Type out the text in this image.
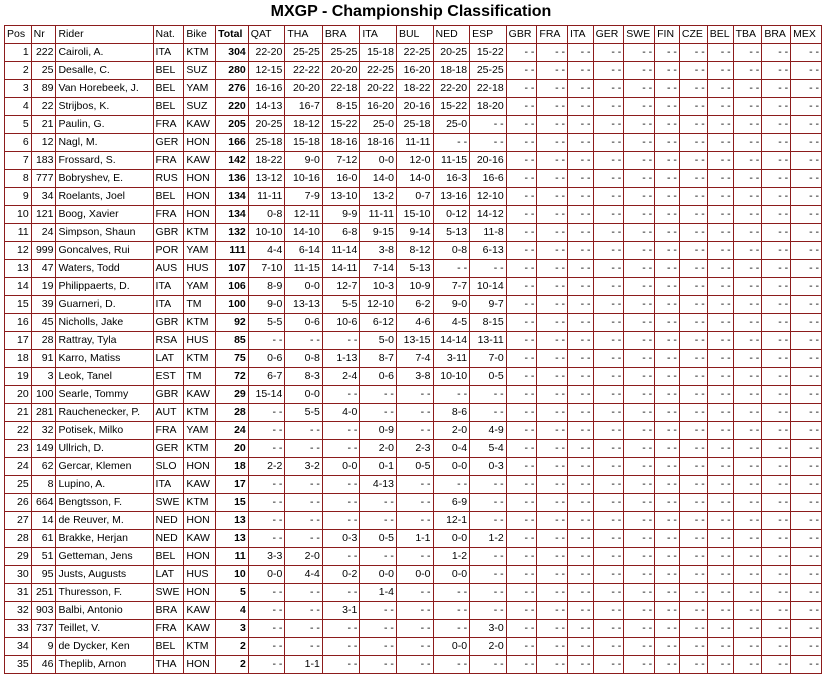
MXGP - Championship Classification
Pos	Nr	Rider	Nat.	Bike	Total	QAT	THA	BRA	ITA	BUL	NED	ESP	GBR	FRA	ITA	GER	SWE	FIN	CZE	BEL	TBA	BRA	MEX
1	222	Cairoli, A.	ITA	KTM	304	22-20	25-25	25-25	15-18	22-25	20-25	15-22	- -	- -	- -	- -	- -	- -	- -	- -	- -	- -	- -
2	25	Desalle, C.	BEL	SUZ	280	12-15	22-22	20-20	22-25	16-20	18-18	25-25	- -	- -	- -	- -	- -	- -	- -	- -	- -	- -	- -
3	89	Van Horebeek, J.	BEL	YAM	276	16-16	20-20	22-18	20-22	18-22	22-20	22-18	- -	- -	- -	- -	- -	- -	- -	- -	- -	- -	- -
4	22	Strijbos, K.	BEL	SUZ	220	14-13	16-7	8-15	16-20	20-16	15-22	18-20	- -	- -	- -	- -	- -	- -	- -	- -	- -	- -	- -
5	21	Paulin, G.	FRA	KAW	205	20-25	18-12	15-22	25-0	25-18	25-0	- -	- -	- -	- -	- -	- -	- -	- -	- -	- -	- -	- -
6	12	Nagl, M.	GER	HON	166	25-18	15-18	18-16	18-16	11-11	- -	- -	- -	- -	- -	- -	- -	- -	- -	- -	- -	- -	- -
7	183	Frossard, S.	FRA	KAW	142	18-22	9-0	7-12	0-0	12-0	11-15	20-16	- -	- -	- -	- -	- -	- -	- -	- -	- -	- -	- -
8	777	Bobryshev, E.	RUS	HON	136	13-12	10-16	16-0	14-0	14-0	16-3	16-6	- -	- -	- -	- -	- -	- -	- -	- -	- -	- -	- -
9	34	Roelants, Joel	BEL	HON	134	11-11	7-9	13-10	13-2	0-7	13-16	12-10	- -	- -	- -	- -	- -	- -	- -	- -	- -	- -	- -
10	121	Boog, Xavier	FRA	HON	134	0-8	12-11	9-9	11-11	15-10	0-12	14-12	- -	- -	- -	- -	- -	- -	- -	- -	- -	- -	- -
11	24	Simpson, Shaun	GBR	KTM	132	10-10	14-10	6-8	9-15	9-14	5-13	11-8	- -	- -	- -	- -	- -	- -	- -	- -	- -	- -	- -
12	999	Goncalves, Rui	POR	YAM	111	4-4	6-14	11-14	3-8	8-12	0-8	6-13	- -	- -	- -	- -	- -	- -	- -	- -	- -	- -	- -
13	47	Waters, Todd	AUS	HUS	107	7-10	11-15	14-11	7-14	5-13	- -	- -	- -	- -	- -	- -	- -	- -	- -	- -	- -	- -	- -
14	19	Philippaerts, D.	ITA	YAM	106	8-9	0-0	12-7	10-3	10-9	7-7	10-14	- -	- -	- -	- -	- -	- -	- -	- -	- -	- -	- -
15	39	Guarneri, D.	ITA	TM	100	9-0	13-13	5-5	12-10	6-2	9-0	9-7	- -	- -	- -	- -	- -	- -	- -	- -	- -	- -	- -
16	45	Nicholls, Jake	GBR	KTM	92	5-5	0-6	10-6	6-12	4-6	4-5	8-15	- -	- -	- -	- -	- -	- -	- -	- -	- -	- -	- -
17	28	Rattray, Tyla	RSA	HUS	85	- -	- -	- -	5-0	13-15	14-14	13-11	- -	- -	- -	- -	- -	- -	- -	- -	- -	- -	- -
18	91	Karro, Matiss	LAT	KTM	75	0-6	0-8	1-13	8-7	7-4	3-11	7-0	- -	- -	- -	- -	- -	- -	- -	- -	- -	- -	- -
19	3	Leok, Tanel	EST	TM	72	6-7	8-3	2-4	0-6	3-8	10-10	0-5	- -	- -	- -	- -	- -	- -	- -	- -	- -	- -	- -
20	100	Searle, Tommy	GBR	KAW	29	15-14	0-0	- -	- -	- -	- -	- -	- -	- -	- -	- -	- -	- -	- -	- -	- -	- -	- -
21	281	Rauchenecker, P.	AUT	KTM	28	- -	5-5	4-0	- -	- -	8-6	- -	- -	- -	- -	- -	- -	- -	- -	- -	- -	- -	- -
22	32	Potisek, Milko	FRA	YAM	24	- -	- -	- -	0-9	- -	2-0	4-9	- -	- -	- -	- -	- -	- -	- -	- -	- -	- -	- -
23	149	Ullrich, D.	GER	KTM	20	- -	- -	- -	2-0	2-3	0-4	5-4	- -	- -	- -	- -	- -	- -	- -	- -	- -	- -	- -
24	62	Gercar, Klemen	SLO	HON	18	2-2	3-2	0-0	0-1	0-5	0-0	0-3	- -	- -	- -	- -	- -	- -	- -	- -	- -	- -	- -
25	8	Lupino, A.	ITA	KAW	17	- -	- -	- -	4-13	- -	- -	- -	- -	- -	- -	- -	- -	- -	- -	- -	- -	- -	- -
26	664	Bengtsson, F.	SWE	KTM	15	- -	- -	- -	- -	- -	6-9	- -	- -	- -	- -	- -	- -	- -	- -	- -	- -	- -	- -
27	14	de Reuver, M.	NED	HON	13	- -	- -	- -	- -	- -	12-1	- -	- -	- -	- -	- -	- -	- -	- -	- -	- -	- -	- -
28	61	Brakke, Herjan	NED	KAW	13	- -	- -	0-3	0-5	1-1	0-0	1-2	- -	- -	- -	- -	- -	- -	- -	- -	- -	- -	- -
29	51	Getteman, Jens	BEL	HON	11	3-3	2-0	- -	- -	- -	1-2	- -	- -	- -	- -	- -	- -	- -	- -	- -	- -	- -	- -
30	95	Justs, Augusts	LAT	HUS	10	0-0	4-4	0-2	0-0	0-0	0-0	- -	- -	- -	- -	- -	- -	- -	- -	- -	- -	- -	- -
31	251	Thuresson, F.	SWE	HON	5	- -	- -	- -	1-4	- -	- -	- -	- -	- -	- -	- -	- -	- -	- -	- -	- -	- -	- -
32	903	Balbi, Antonio	BRA	KAW	4	- -	- -	3-1	- -	- -	- -	- -	- -	- -	- -	- -	- -	- -	- -	- -	- -	- -	- -
33	737	Teillet, V.	FRA	KAW	3	- -	- -	- -	- -	- -	- -	3-0	- -	- -	- -	- -	- -	- -	- -	- -	- -	- -	- -
34	9	de Dycker, Ken	BEL	KTM	2	- -	- -	- -	- -	- -	0-0	2-0	- -	- -	- -	- -	- -	- -	- -	- -	- -	- -	- -
35	46	Theplib, Arnon	THA	HON	2	- -	1-1	- -	- -	- -	- -	- -	- -	- -	- -	- -	- -	- -	- -	- -	- -	- -	- -
